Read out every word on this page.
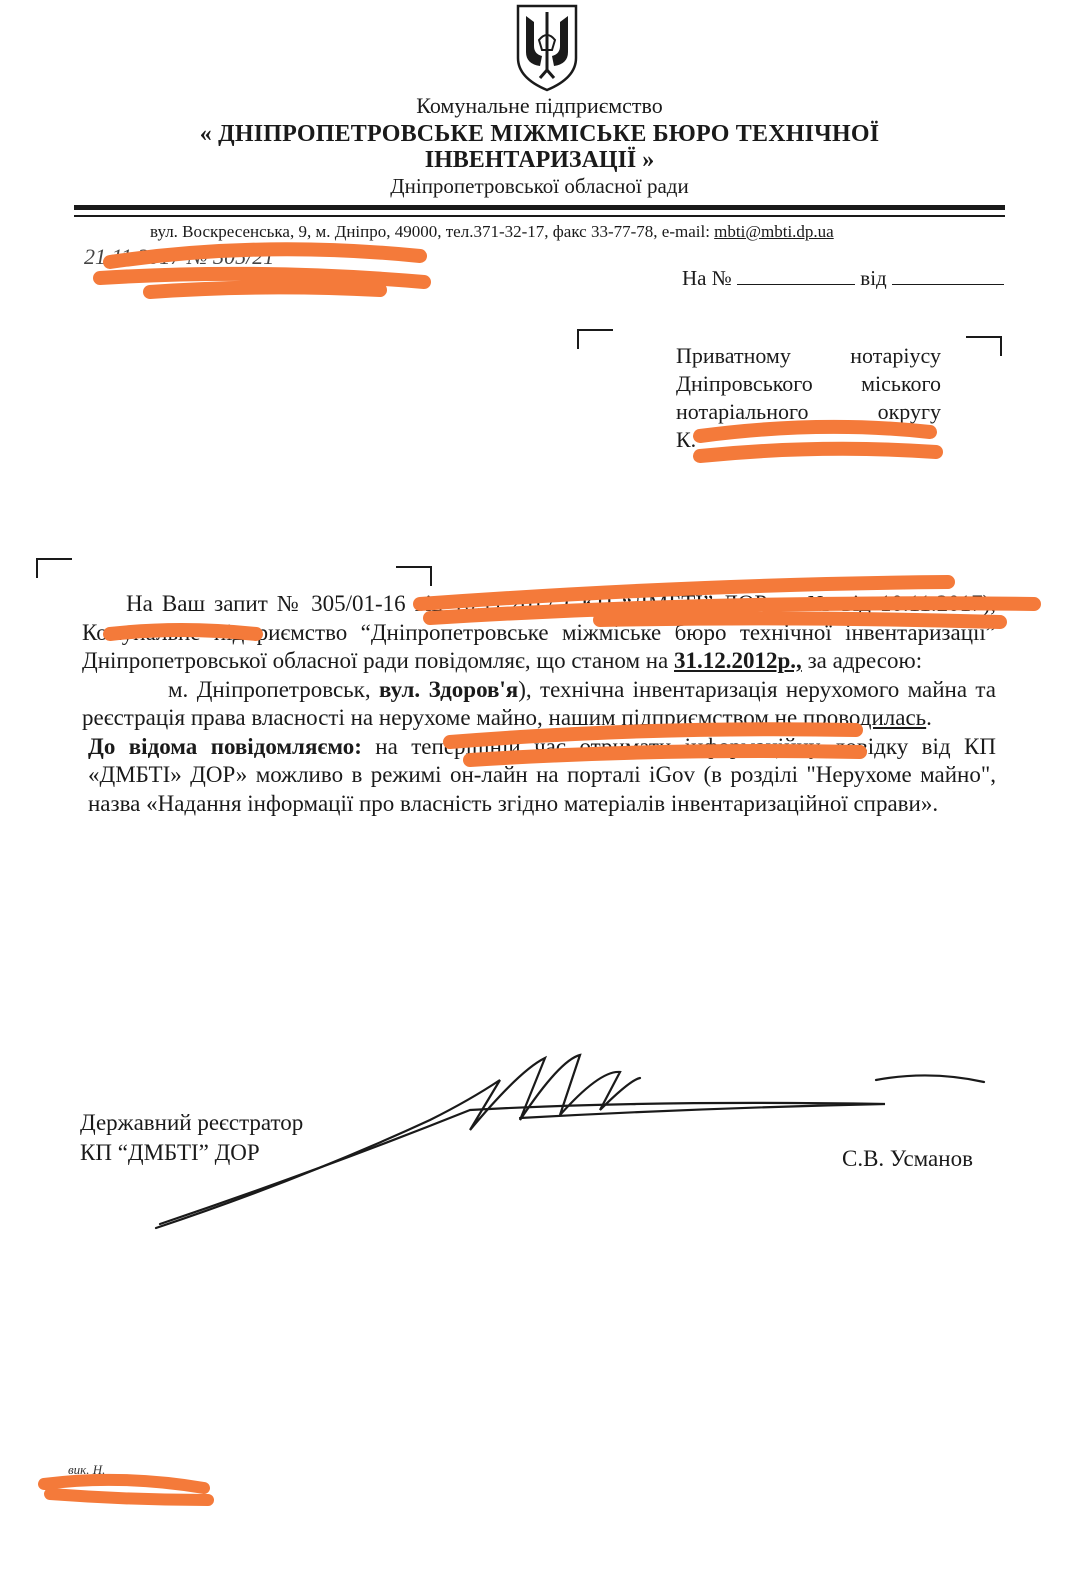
Комунальне підприємство
« ДНІПРОПЕТРОВСЬКЕ МІЖМІСЬКЕ БЮРО ТЕХНІЧНОЇ
ІНВЕНТАРИЗАЦІЇ »
Дніпропетровської обласної ради
вул. Воскресенська, 9, м. Дніпро, 49000, тел.371-32-17, факс 33-77-78, e-mail: mbti@mbti.dp.ua
21.11.2017 № 305/21
На №	від
Приватному нотаріусу
Дніпровського міського
нотаріального округу
К.

На Ваш запит № 305/01-16 від 10.11.2017 ( КП “ДМБТІ” ДОР вх.№ від 10.11.2017), Комунальне підприємство “Дніпропетровське міжміське бюро технічної інвентаризації” Дніпропетровської обласної ради повідомляє, що станом на 31.12.2012р., за адресою:

м. Дніпропетровськ, вул. Здоров'я), технічна інвентаризація нерухомого майна та реєстрація права власності на нерухоме майно, нашим підприємством не проводилась.

До відома повідомляємо: на теперішній час отримати інформаційну довідку від КП «ДМБТІ» ДОР» можливо в режимі он-лайн на порталі iGov (в розділі "Нерухоме майно", назва «Надання інформації про власність згідно матеріалів інвентаризаційної справи».

Державний реєстратор
КП “ДМБТІ” ДОР	С.В. Усманов
вик. Н.
